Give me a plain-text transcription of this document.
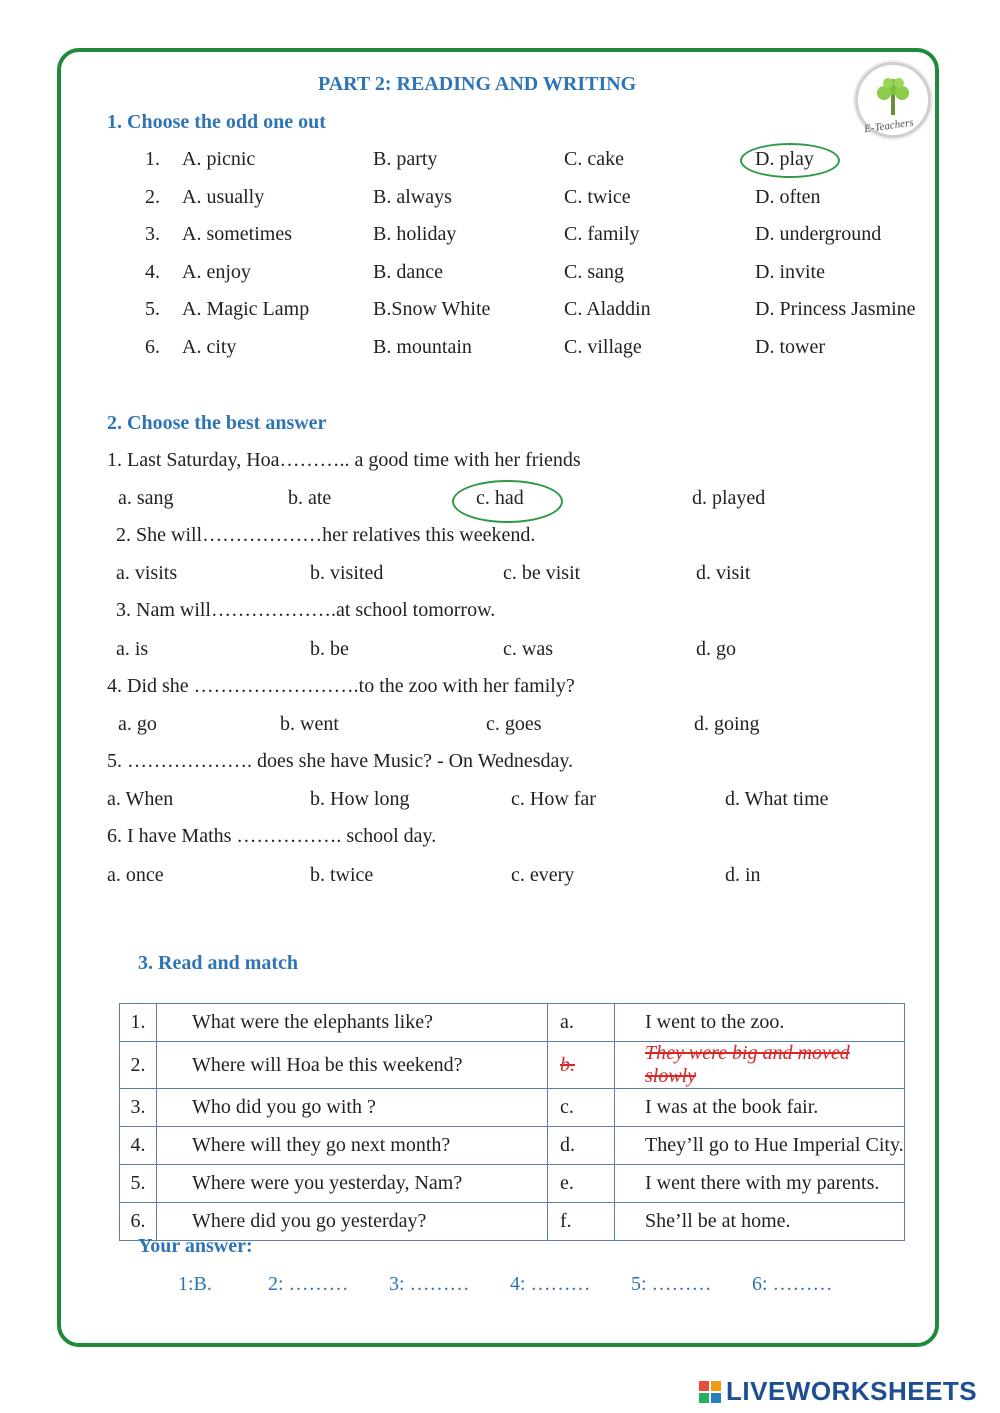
E-Teachers
PART 2: READING AND WRITING
1. Choose the odd one out
1. A. picnic	B. party	C. cake	D. play
2. A. usually	B. always	C. twice	D. often
3. A. sometimes	B. holiday	C. family	D. underground
4. A. enjoy	B. dance	C. sang	D. invite
5. A. Magic Lamp	B.Snow White	C. Aladdin	D. Princess Jasmine
6. A. city	B. mountain	C. village	D. tower
2. Choose the best answer
1. Last Saturday, Hoa……….. a good time with her friends
a. sang	b. ate	c. had	d. played
2. She will………………her relatives this weekend.
a. visits	b. visited	c. be visit	d. visit
3. Nam will……………….at school tomorrow.
a. is	b. be	c. was	d. go
4. Did she …………………….to the zoo with her family?
a. go	b. went	c. goes	d. going
5. ………………. does she have Music? - On Wednesday.
a. When	b. How long	c. How far	d. What time
6. I have Maths ……………. school day.
a. once	b. twice	c. every	d. in
3. Read and match
1.	What were the elephants like?	a.	I went to the zoo.
2.	Where will Hoa be this weekend?	b.	They were big and moved slowly
3.	Who did you go with ?	c.	I was at the book fair.
4.	Where will they go next month?	d.	They’ll go to Hue Imperial City.
5.	Where were you yesterday, Nam?	e.	I went there with my parents.
6.	Where did you go yesterday?	f.	She’ll be at home.
Your answer:
1:B.	2: ……… 3: ……… 4: ……… 5: ……… 6: ………
LIVEWORKSHEETS
